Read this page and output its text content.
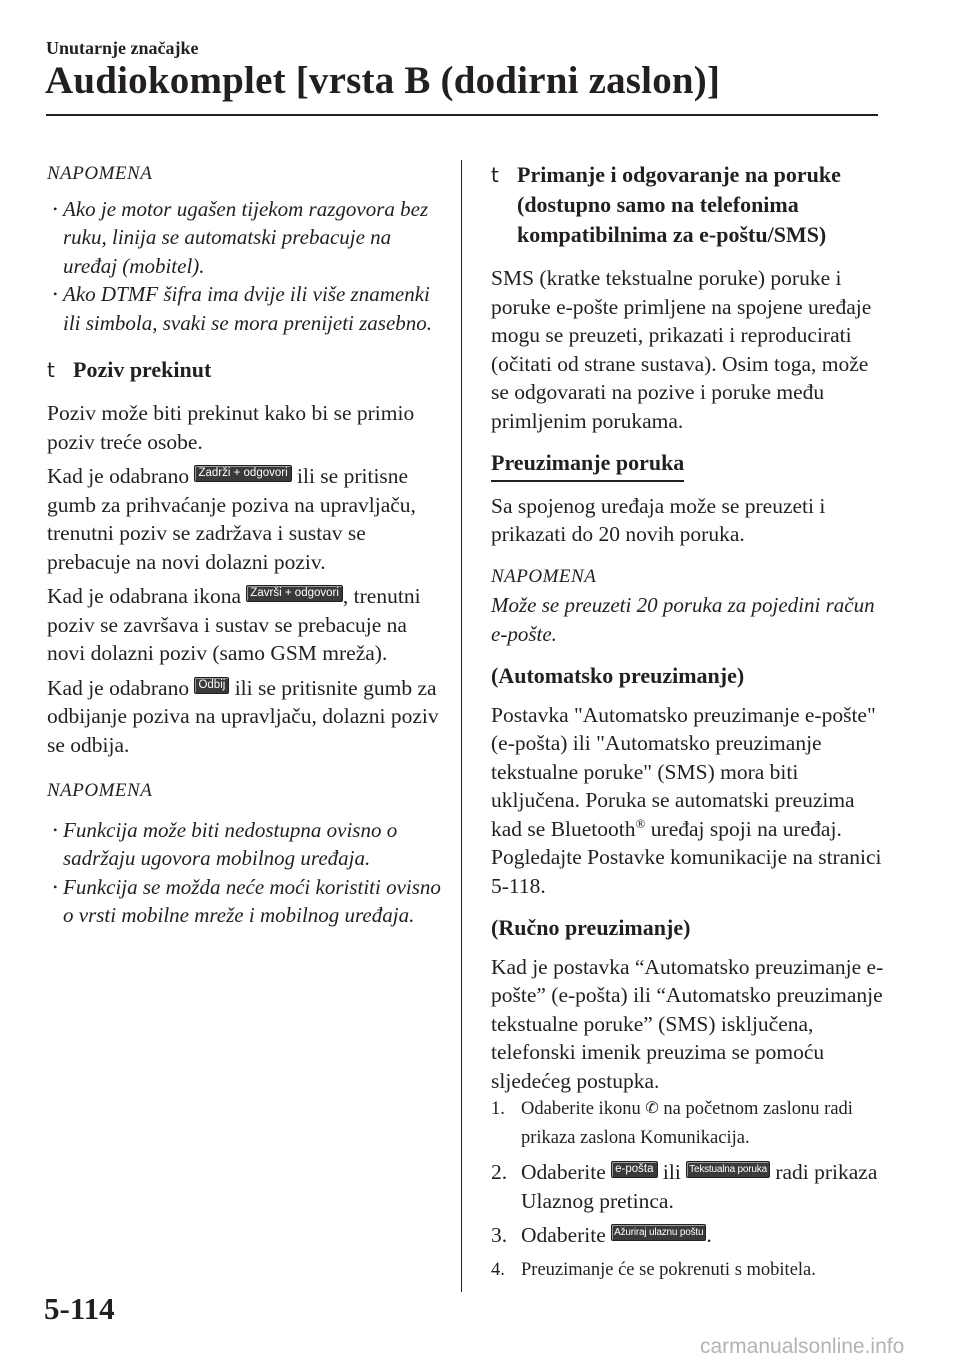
Unutarnje značajke
Audiokomplet [vrsta B (dodirni zaslon)]

NAPOMENA

• Ako je motor ugašen tijekom razgovora bez ruku, linija se automatski prebacuje na uređaj (mobitel).
• Ako DTMF šifra ima dvije ili više znamenki ili simbola, svaki se mora prenijeti zasebno.
t Poziv prekinut

Poziv može biti prekinut kako bi se primio poziv treće osobe.

Kad je odabrano Zadrži + odgovori ili se pritisne gumb za prihvaćanje poziva na upravljaču, trenutni poziv se zadržava i sustav se prebacuje na novi dolazni poziv.

Kad je odabrana ikona Završi + odgovori , trenutni poziv se završava i sustav se prebacuje na novi dolazni poziv (samo GSM mreža).

Kad je odabrano Odbij ili se pritisnite gumb za odbijanje poziva na upravljaču, dolazni poziv se odbija.

NAPOMENA

• Funkcija može biti nedostupna ovisno o sadržaju ugovora mobilnog uređaja.
• Funkcija se možda neće moći koristiti ovisno o vrsti mobilne mreže i mobilnog uređaja.
t Primanje i odgovaranje na poruke (dostupno samo na telefonima kompatibilnima za e-poštu/SMS)

SMS (kratke tekstualne poruke) poruke i poruke e-pošte primljene na spojene uređaje mogu se preuzeti, prikazati i reproducirati (očitati od strane sustava). Osim toga, može se odgovarati na pozive i poruke među primljenim porukama.

Preuzimanje poruka

Sa spojenog uređaja može se preuzeti i prikazati do 20 novih poruka.

NAPOMENA

Može se preuzeti 20 poruka za pojedini račun e-pošte.

(Automatsko preuzimanje)

Postavka "Automatsko preuzimanje e-pošte" (e-pošta) ili "Automatsko preuzimanje tekstualne poruke" (SMS) mora biti uključena. Poruka se automatski preuzima kad se Bluetooth® uređaj spoji na uređaj.

Pogledajte Postavke komunikacije na stranici 5-118.

(Ručno preuzimanje)

Kad je postavka “Automatsko preuzimanje e-pošte” (e-pošta) ili “Automatsko preuzimanje tekstualne poruke” (SMS) isključena, telefonski imenik preuzima se pomoću sljedećeg postupka.

1. Odaberite ikonu ✆ na početnom zaslonu radi prikaza zaslona Komunikacija.
2. Odaberite e-pošta ili Tekstualna poruka radi prikaza Ulaznog pretinca.
3. Odaberite Ažuriraj ulaznu poštu .
4. Preuzimanje će se pokrenuti s mobitela.
5-114
carmanualsonline.info
